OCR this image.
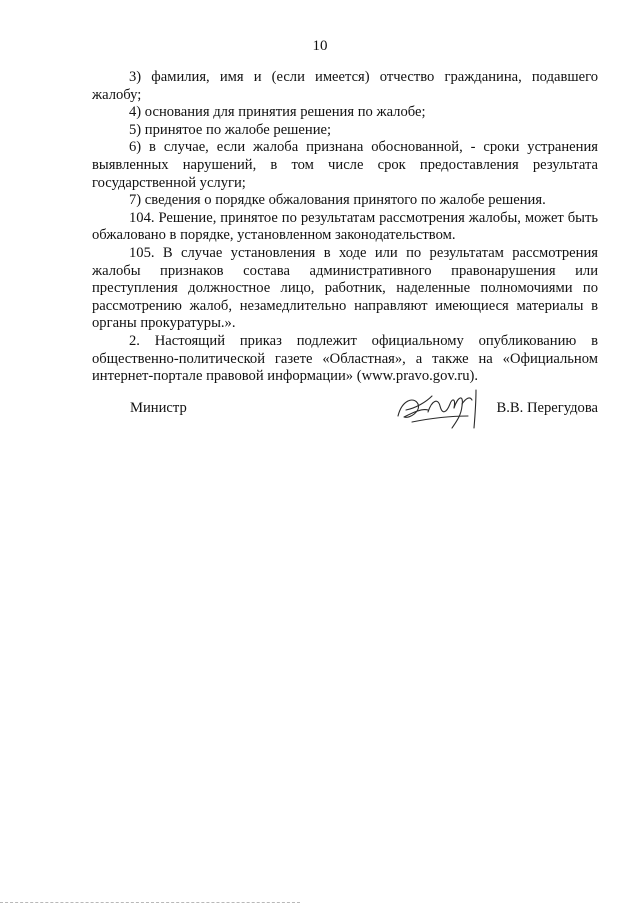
10

3) фамилия, имя и (если имеется) отчество гражданина, подавшего жалобу;

4) основания для принятия решения по жалобе;

5) принятое по жалобе решение;

6) в случае, если жалоба признана обоснованной, - сроки устранения выявленных нарушений, в том числе срок предоставления результата государственной услуги;

7) сведения о порядке обжалования принятого по жалобе решения.

104. Решение, принятое по результатам рассмотрения жалобы, может быть обжаловано в порядке, установленном законодательством.

105. В случае установления в ходе или по результатам рассмотрения жалобы признаков состава административного правонарушения или преступления должностное лицо, работник, наделенные полномочиями по рассмотрению жалоб, незамедлительно направляют имеющиеся материалы в органы прокуратуры.».

2. Настоящий приказ подлежит официальному опубликованию в общественно-политической газете «Областная», а также на «Официальном интернет-портале правовой информации» (www.pravo.gov.ru).

Министр	В.В. Перегудова
